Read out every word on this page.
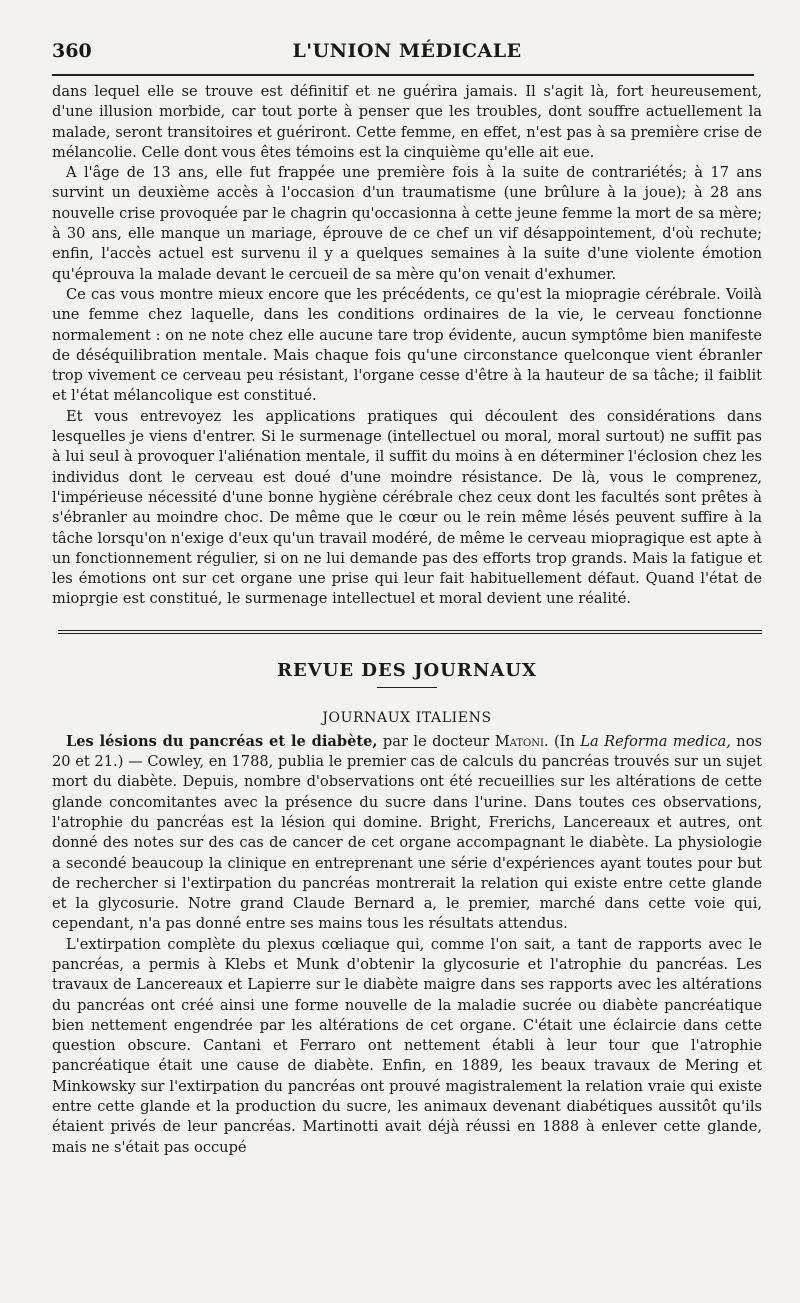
360	L'UNION MÉDICALE

dans lequel elle se trouve est définitif et ne guérira jamais. Il s'agit là, fort heureusement, d'une illusion morbide, car tout porte à penser que les troubles, dont souffre actuellement la malade, seront transitoires et guériront. Cette femme, en effet, n'est pas à sa première crise de mélancolie. Celle dont vous êtes témoins est la cinquième qu'elle ait eue.

A l'âge de 13 ans, elle fut frappée une première fois à la suite de contrariétés; à 17 ans survint un deuxième accès à l'occasion d'un traumatisme (une brûlure à la joue); à 28 ans nouvelle crise provoquée par le chagrin qu'occasionna à cette jeune femme la mort de sa mère; à 30 ans, elle manque un mariage, éprouve de ce chef un vif désappointement, d'où rechute; enfin, l'accès actuel est survenu il y a quelques semaines à la suite d'une violente émotion qu'éprouva la malade devant le cercueil de sa mère qu'on venait d'exhumer.

Ce cas vous montre mieux encore que les précédents, ce qu'est la miopragie cérébrale. Voilà une femme chez laquelle, dans les conditions ordinaires de la vie, le cerveau fonctionne normalement : on ne note chez elle aucune tare trop évidente, aucun symptôme bien manifeste de déséquilibration mentale. Mais chaque fois qu'une circonstance quelconque vient ébranler trop vivement ce cerveau peu résistant, l'organe cesse d'être à la hauteur de sa tâche; il faiblit et l'état mélancolique est constitué.

Et vous entrevoyez les applications pratiques qui découlent des considérations dans lesquelles je viens d'entrer. Si le surmenage (intellectuel ou moral, moral surtout) ne suffit pas à lui seul à provoquer l'aliénation mentale, il suffit du moins à en déterminer l'éclosion chez les individus dont le cerveau est doué d'une moindre résistance. De là, vous le comprenez, l'impérieuse nécessité d'une bonne hygiène cérébrale chez ceux dont les facultés sont prêtes à s'ébranler au moindre choc. De même que le cœur ou le rein même lésés peuvent suffire à la tâche lorsqu'on n'exige d'eux qu'un travail modéré, de même le cerveau miopragique est apte à un fonctionnement régulier, si on ne lui demande pas des efforts trop grands. Mais la fatigue et les émotions ont sur cet organe une prise qui leur fait habituellement défaut. Quand l'état de mioprgie est constitué, le surmenage intellectuel et moral devient une réalité.

REVUE DES JOURNAUX
JOURNAUX ITALIENS

Les lésions du pancréas et le diabète, par le docteur Matoni. (In La Reforma medica, nos 20 et 21.) — Cowley, en 1788, publia le premier cas de calculs du pancréas trouvés sur un sujet mort du diabète. Depuis, nombre d'observations ont été recueillies sur les altérations de cette glande concomitantes avec la présence du sucre dans l'urine. Dans toutes ces observations, l'atrophie du pancréas est la lésion qui domine. Bright, Frerichs, Lancereaux et autres, ont donné des notes sur des cas de cancer de cet organe accompagnant le diabète. La physiologie a secondé beaucoup la clinique en entreprenant une série d'expériences ayant toutes pour but de rechercher si l'extirpation du pancréas montrerait la relation qui existe entre cette glande et la glycosurie. Notre grand Claude Bernard a, le premier, marché dans cette voie qui, cependant, n'a pas donné entre ses mains tous les résultats attendus.

L'extirpation complète du plexus cœliaque qui, comme l'on sait, a tant de rapports avec le pancréas, a permis à Klebs et Munk d'obtenir la glycosurie et l'atrophie du pancréas. Les travaux de Lancereaux et Lapierre sur le diabète maigre dans ses rapports avec les altérations du pancréas ont créé ainsi une forme nouvelle de la maladie sucrée ou diabète pancréatique bien nettement engendrée par les altérations de cet organe. C'était une éclaircie dans cette question obscure. Cantani et Ferraro ont nettement établi à leur tour que l'atrophie pancréatique était une cause de diabète. Enfin, en 1889, les beaux travaux de Mering et Minkowsky sur l'extirpation du pancréas ont prouvé magistralement la relation vraie qui existe entre cette glande et la production du sucre, les animaux devenant diabétiques aussitôt qu'ils étaient privés de leur pancréas. Martinotti avait déjà réussi en 1888 à enlever cette glande, mais ne s'était pas occupé
